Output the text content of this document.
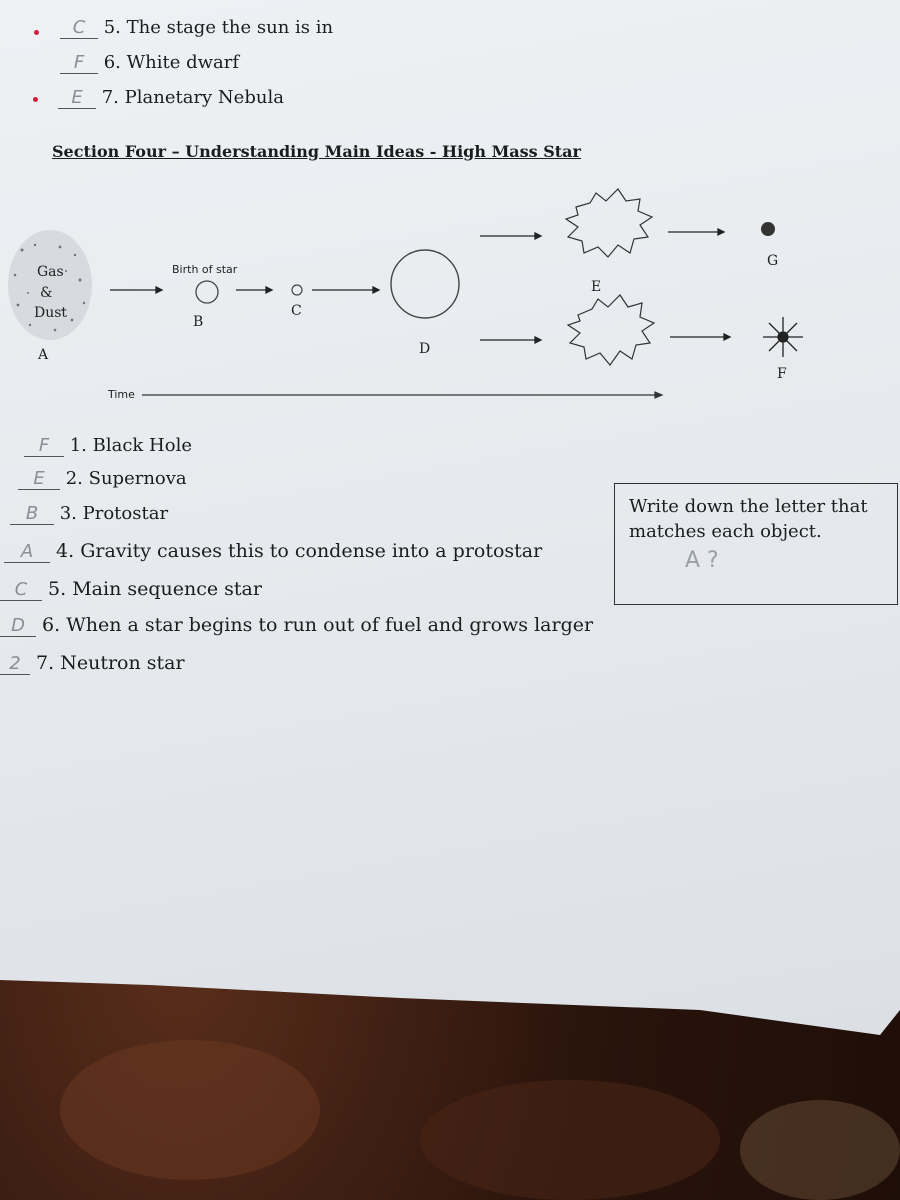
C 5. The stage the sun is in
F 6. White dwarf
E 7. Planetary Nebula
Section Four – Understanding Main Ideas - High Mass Star
Gas
&
Dust
A
Birth of star
B
C
D
G
E
F
Time
F 1. Black Hole
E 2. Supernova
B 3. Protostar
A 4. Gravity causes this to condense into a protostar
C 5. Main sequence star
D 6. When a star begins to run out of fuel and grows larger
2 7. Neutron star
Write down the letter that matches each object.
A ?
